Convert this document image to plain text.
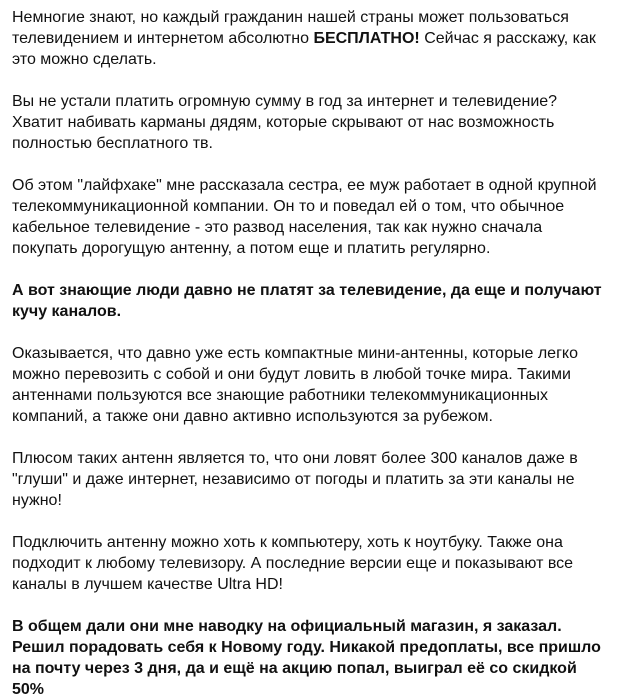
Немногие знают, но каждый гражданин нашей страны может пользоваться
телевидением и интернетом абсолютно БЕСПЛАТНО! Сейчас я расскажу, как
это можно сделать.

Вы не устали платить огромную сумму в год за интернет и телевидение?
Хватит набивать карманы дядям, которые скрывают от нас возможность
полностью бесплатного тв.

Об этом "лайфхаке" мне рассказала сестра, ее муж работает в одной крупной
телекоммуникационной компании. Он то и поведал ей о том, что обычное
кабельное телевидение - это развод населения, так как нужно сначала
покупать дорогущую антенну, а потом еще и платить регулярно.

А вот знающие люди давно не платят за телевидение, да еще и получают
кучу каналов.

Оказывается, что давно уже есть компактные мини-антенны, которые легко
можно перевозить с собой и они будут ловить в любой точке мира. Такими
антеннами пользуются все знающие работники телекоммуникационных
компаний, а также они давно активно используются за рубежом.

Плюсом таких антенн является то, что они ловят более 300 каналов даже в
"глуши" и даже интернет, независимо от погоды и платить за эти каналы не
нужно!

Подключить антенну можно хоть к компьютеру, хоть к ноутбуку. Также она
подходит к любому телевизору. А последние версии еще и показывают все
каналы в лучшем качестве Ultra HD!

В общем дали они мне наводку на официальный магазин, я заказал.
Решил порадовать себя к Новому году. Никакой предоплаты, все пришло
на почту через 3 дня, да и ещё на акцию попал, выиграл её со скидкой
50%
